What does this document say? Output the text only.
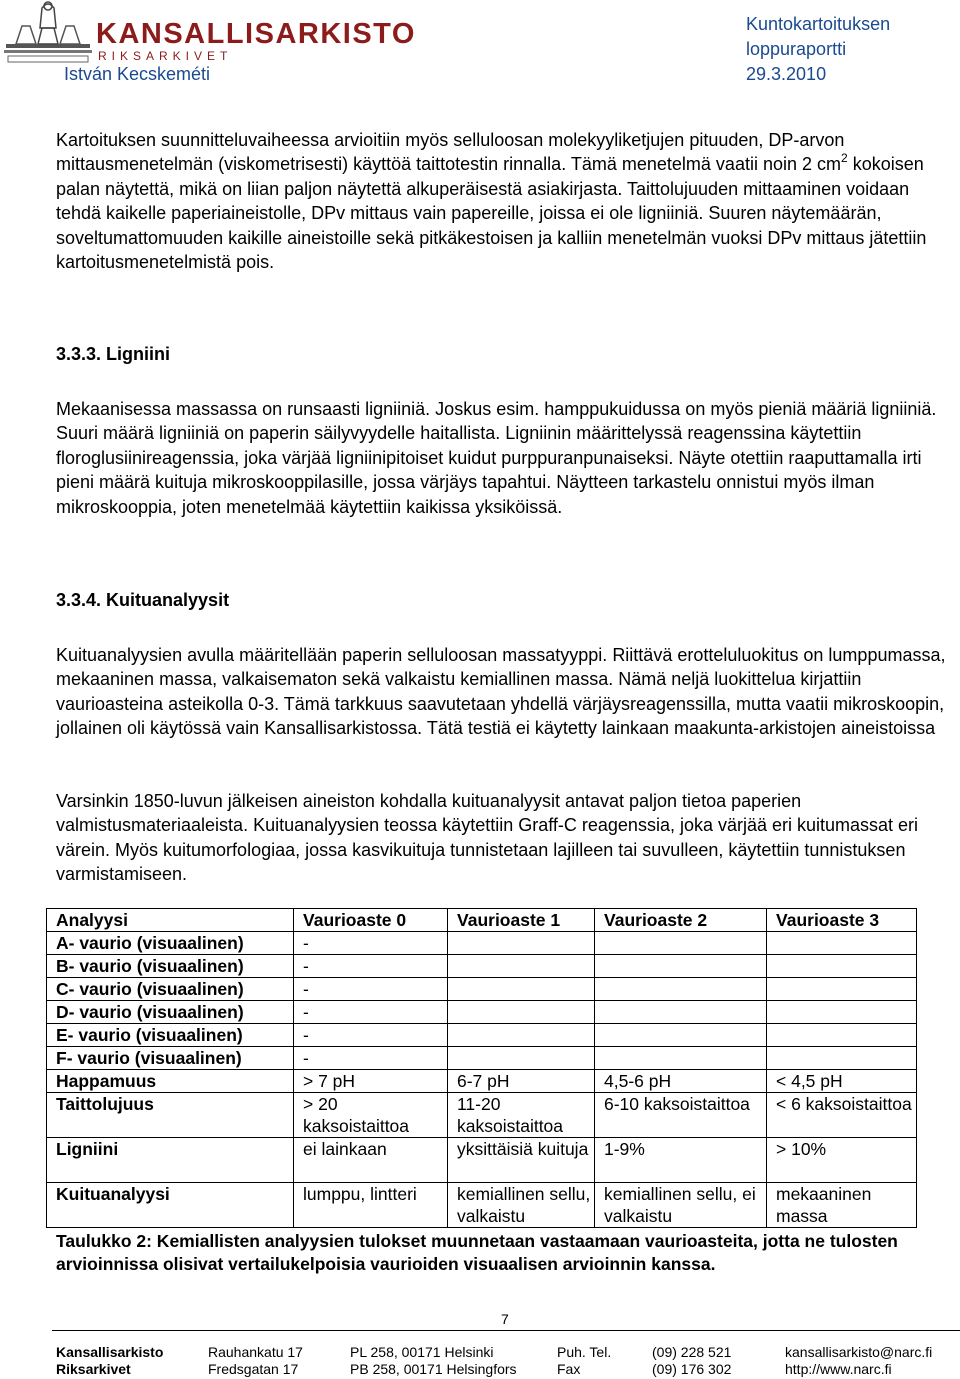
KANSALLISARKISTO
RIKSARKIVET
Kuntokartoituksen loppuraportti
István Kecskeméti	29.3.2010
Kartoituksen suunnitteluvaiheessa arvioitiin myös selluloosan molekyyliketjujen pituuden, DP-arvon mittausmenetelmän (viskometrisesti) käyttöä taittotestin rinnalla. Tämä menetelmä vaatii noin 2 $cm^2$ kokoisen palan näytettä, mikä on liian paljon näytettä alkuperäisestä asiakirjasta. Taittolujuuden mittaaminen voidaan tehdä kaikelle paperiaineistolle, DPv mittaus vain papereille, joissa ei ole ligniiniä. Suuren näytemäärän, soveltumattomuuden kaikille aineistoille sekä pitkäkestoisen ja kalliin menetelmän vuoksi DPv mittaus jätettiin kartoitusmenetelmistä pois.
3.3.3. Ligniini
Mekaanisessa massassa on runsaasti ligniiniä. Joskus esim. hamppukuidussa on myös pieniä määriä ligniiniä. Suuri määrä ligniiniä on paperin säilyvyydelle haitallista. Ligniinin määrittelyssä reagenssina käytettiin floroglusiinireagenssia, joka värjää ligniinipitoiset kuidut purppuranpunaiseksi. Näyte otettiin raaputtamalla irti pieni määrä kuituja mikroskooppilasille, jossa värjäys tapahtui. Näytteen tarkastelu onnistui myös ilman mikroskooppia, joten menetelmää käytettiin kaikissa yksiköissä.
3.3.4. Kuituanalyysit
Kuituanalyysien avulla määritellään paperin selluloosan massatyyppi. Riittävä erotteluluokitus on lumppumassa, mekaaninen massa, valkaisematon sekä valkaistu kemiallinen massa. Nämä neljä luokittelua kirjattiin vaurioasteina asteikolla 0-3. Tämä tarkkuus saavutetaan yhdellä värjäysreagenssilla, mutta vaatii mikroskoopin, jollainen oli käytössä vain Kansallisarkistossa. Tätä testiä ei käytetty lainkaan maakunta-arkistojen aineistoissa
Varsinkin 1850-luvun jälkeisen aineiston kohdalla kuituanalyysit antavat paljon tietoa paperien valmistusmateriaaleista. Kuituanalyysien teossa käytettiin Graff-C reagenssia, joka värjää eri kuitumassat eri värein. Myös kuitumorfologiaa, jossa kasvikuituja tunnistetaan lajilleen tai suvulleen, käytettiin tunnistuksen varmistamiseen.
Analyysi	Vaurioaste 0	Vaurioaste 1	Vaurioaste 2	Vaurioaste 3
A- vaurio (visuaalinen)	-			
B- vaurio (visuaalinen)	-			
C- vaurio (visuaalinen)	-			
D- vaurio (visuaalinen)	-			
E- vaurio (visuaalinen)	-			
F- vaurio (visuaalinen)	-			
Happamuus	> 7 pH	6-7 pH	4,5-6 pH	< 4,5 pH
Taittolujuus	> 20 kaksoistaittoa	11-20 kaksoistaittoa	6-10 kaksoistaittoa	< 6 kaksoistaittoa
Ligniini	ei lainkaan	yksittäisiä kuituja	1-9%	> 10%
Kuituanalyysi	lumppu, lintteri	kemiallinen sellu, valkaistu	kemiallinen sellu, ei valkaistu	mekaaninen massa
Taulukko 2: Kemiallisten analyysien tulokset muunnetaan vastaamaan vaurioasteita, jotta ne tulosten arvioinnissa olisivat vertailukelpoisia vaurioiden visuaalisen arvioinnin kanssa.
7
Kansallisarkisto	Rauhankatu 17	PL 258, 00171 Helsinki	Puh. Tel.	(09) 228 521	kansallisarkisto@narc.fi
Riksarkivet	Fredsgatan 17	PB 258, 00171 Helsingfors	Fax	(09) 176 302	http://www.narc.fi
